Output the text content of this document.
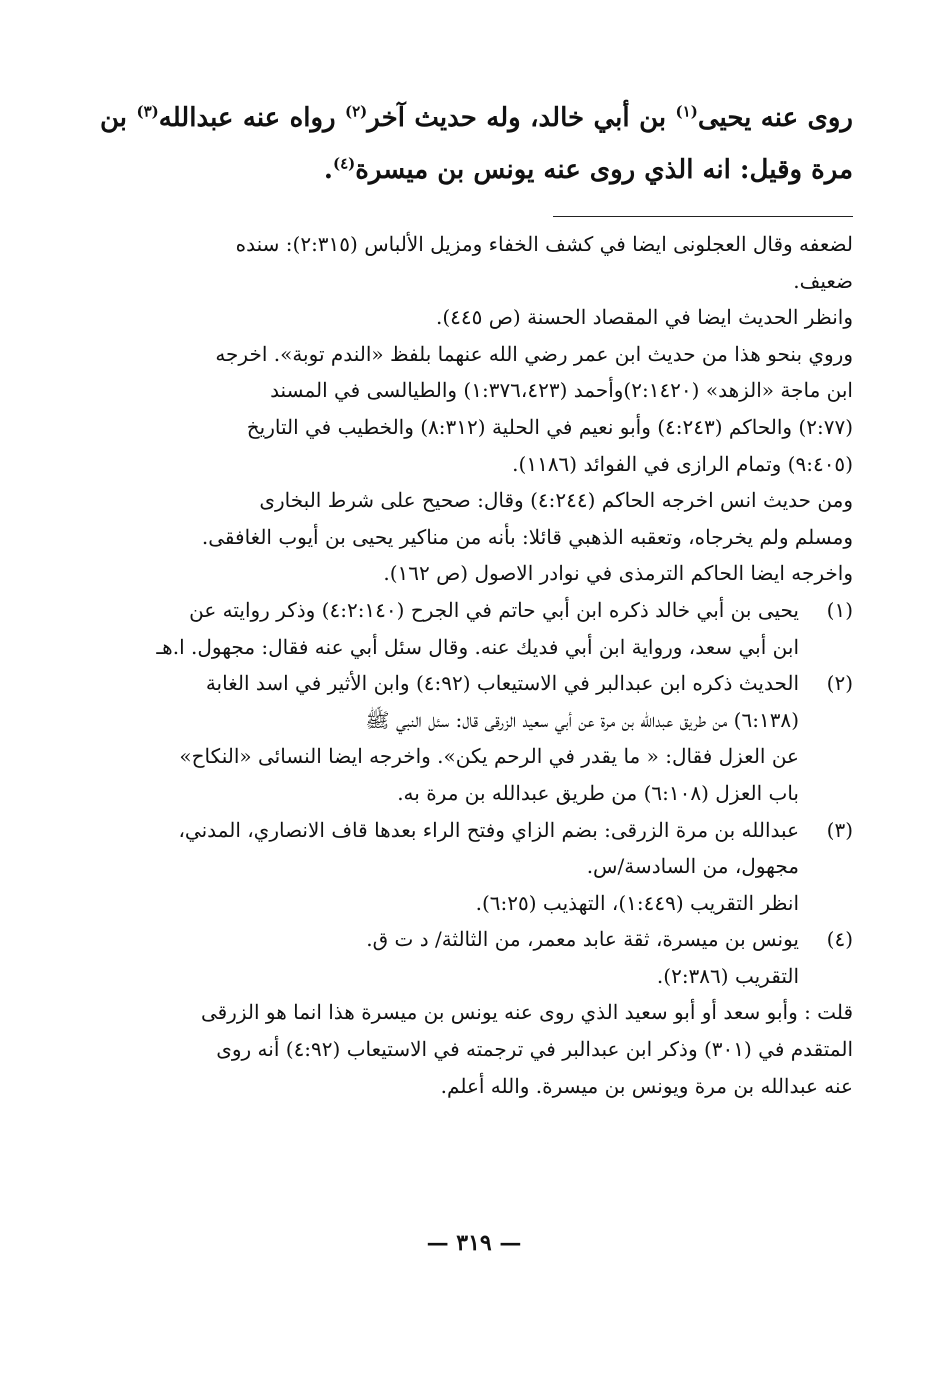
روى عنه يحيى$^{(١)}$ بن أبي خالد، وله حديث آخر$^{(٢)}$ رواه عنه عبدالله$^{(٣)}$ بن
مرة وقيل: انه الذي روى عنه يونس بن ميسرة$^{(٤)}$.
لضعفه وقال العجلونى ايضا في كشف الخفاء ومزيل الألباس (٢:٣١٥): سنده
ضعيف.
وانظر الحديث ايضا في المقصاد الحسنة (ص ٤٤٥).
وروي بنحو هذا من حديث ابن عمر رضي الله عنهما بلفظ «الندم توبة». اخرجه
ابن ماجة «الزهد» (٢:١٤٢٠)وأحمد (١:٣٧٦،٤٢٣) والطيالسى في المسند
(٢:٧٧) والحاكم (٤:٢٤٣) وأبو نعيم في الحلية (٨:٣١٢) والخطيب في التاريخ
(٩:٤٠٥) وتمام الرازى في الفوائد (١١٨٦).
ومن حديث انس اخرجه الحاكم (٤:٢٤٤) وقال: صحيح على شرط البخارى
ومسلم ولم يخرجاه، وتعقبه الذهبي قائلا: بأنه من مناكير يحيى بن أيوب الغافقى.
واخرجه ايضا الحاكم الترمذى في نوادر الاصول (ص ١٦٢).
(١)
يحيى بن أبي خالد ذكره ابن أبي حاتم في الجرح (٤:٢:١٤٠) وذكر روايته عن
ابن أبي سعد، ورواية ابن أبي فديك عنه. وقال سئل أبي عنه فقال: مجهول. ا.هـ
(٢)
الحديث ذكره ابن عبدالبر في الاستيعاب (٤:٩٢) وابن الأثير في اسد الغابة
(٦:١٣٨) من طريق عبدالله بن مرة عن أبي سعيد الزرقى قال: سئل النبي ﷺ
عن العزل فقال: « ما يقدر في الرحم يكن». واخرجه ايضا النسائى «النكاح»
باب العزل (٦:١٠٨) من طريق عبدالله بن مرة به.
(٣)
عبدالله بن مرة الزرقى: بضم الزاي وفتح الراء بعدها قاف الانصاري، المدني،
مجهول، من السادسة/س.
انظر التقريب (١:٤٤٩)، التهذيب (٦:٢٥).
(٤)
يونس بن ميسرة، ثقة عابد معمر، من الثالثة/ د ت ق.
التقريب (٢:٣٨٦).
قلت : وأبو سعد أو أبو سعيد الذي روى عنه يونس بن ميسرة هذا انما هو الزرقى
المتقدم في (٣٠١) وذكر ابن عبدالبر في ترجمته في الاستيعاب (٤:٩٢) أنه روى
عنه عبدالله بن مرة ويونس بن ميسرة. والله أعلم.
— ٣١٩ —
